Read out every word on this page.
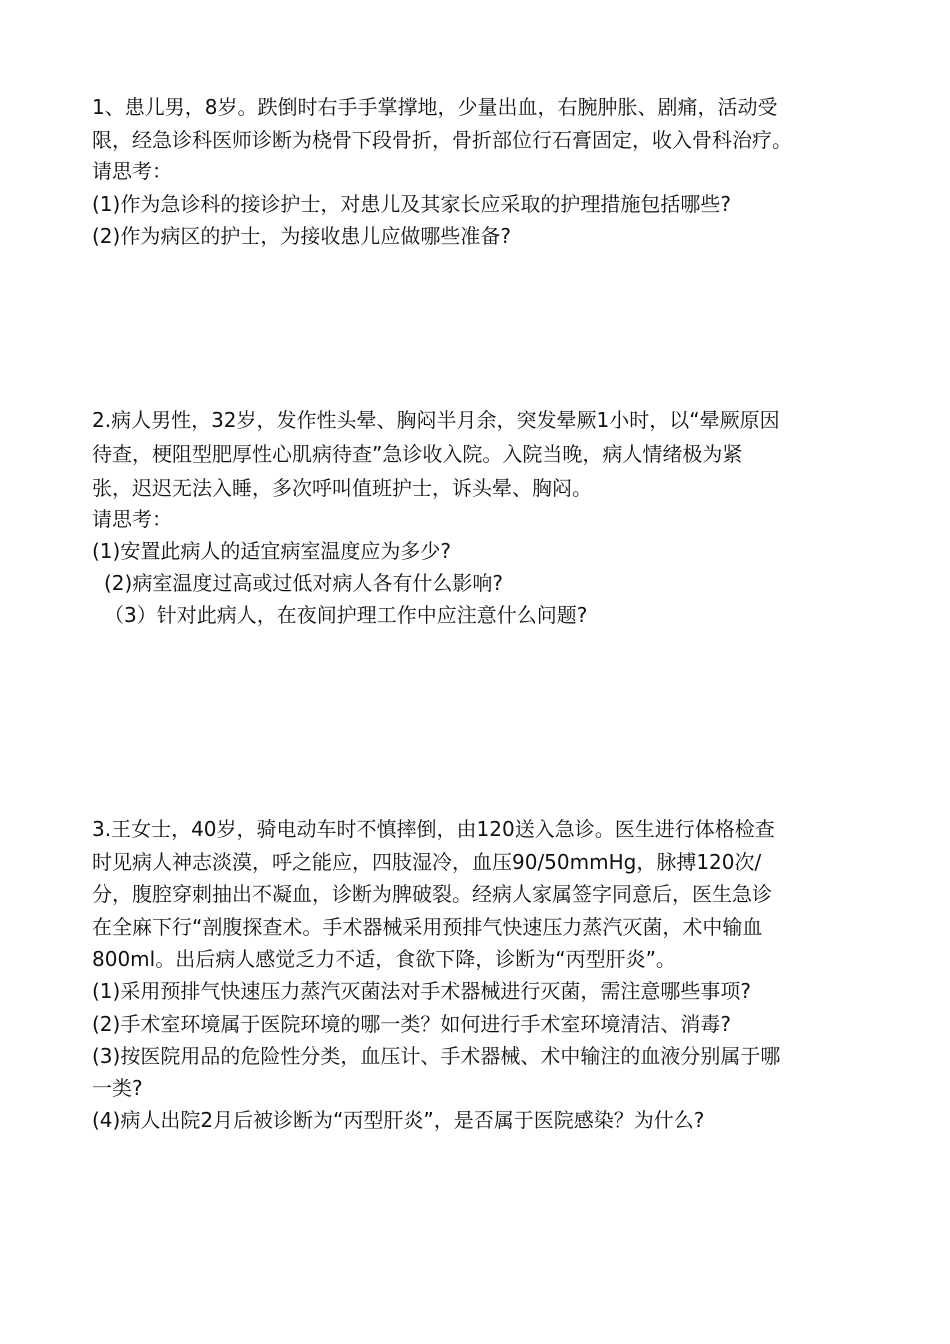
1、患儿男，8岁。跌倒时右手手掌撑地，少量出血，右腕肿胀、剧痛，活动受
限，经急诊科医师诊断为桡骨下段骨折，骨折部位行石膏固定，收入骨科治疗。
请思考：
(1)作为急诊科的接诊护士，对患儿及其家长应采取的护理措施包括哪些?
(2)作为病区的护士，为接收患儿应做哪些准备?
2.病人男性，32岁，发作性头晕、胸闷半月余，突发晕厥1小时，以“晕厥原因
待查，梗阻型肥厚性心肌病待查”急诊收入院。入院当晚，病人情绪极为紧
张，迟迟无法入睡，多次呼叫值班护士，诉头晕、胸闷。
请思考：
(1)安置此病人的适宜病室温度应为多少?
(2)病室温度过高或过低对病人各有什么影响?
（3）针对此病人，在夜间护理工作中应注意什么问题?
3.王女士，40岁，骑电动车时不慎摔倒，由120送入急诊。医生进行体格检查
时见病人神志淡漠，呼之能应，四肢湿冷，血压90/50mmHg，脉搏120次/
分，腹腔穿刺抽出不凝血，诊断为脾破裂。经病人家属签字同意后，医生急诊
在全麻下行“剖腹探查术。手术器械采用预排气快速压力蒸汽灭菌，术中输血
800ml。出后病人感觉乏力不适，食欲下降，诊断为“丙型肝炎”。
(1)采用预排气快速压力蒸汽灭菌法对手术器械进行灭菌，需注意哪些事项?
(2)手术室环境属于医院环境的哪一类？如何进行手术室环境清洁、消毒?
(3)按医院用品的危险性分类，血压计、手术器械、术中输注的血液分别属于哪
一类?
(4)病人出院2月后被诊断为“丙型肝炎”，是否属于医院感染？为什么?
